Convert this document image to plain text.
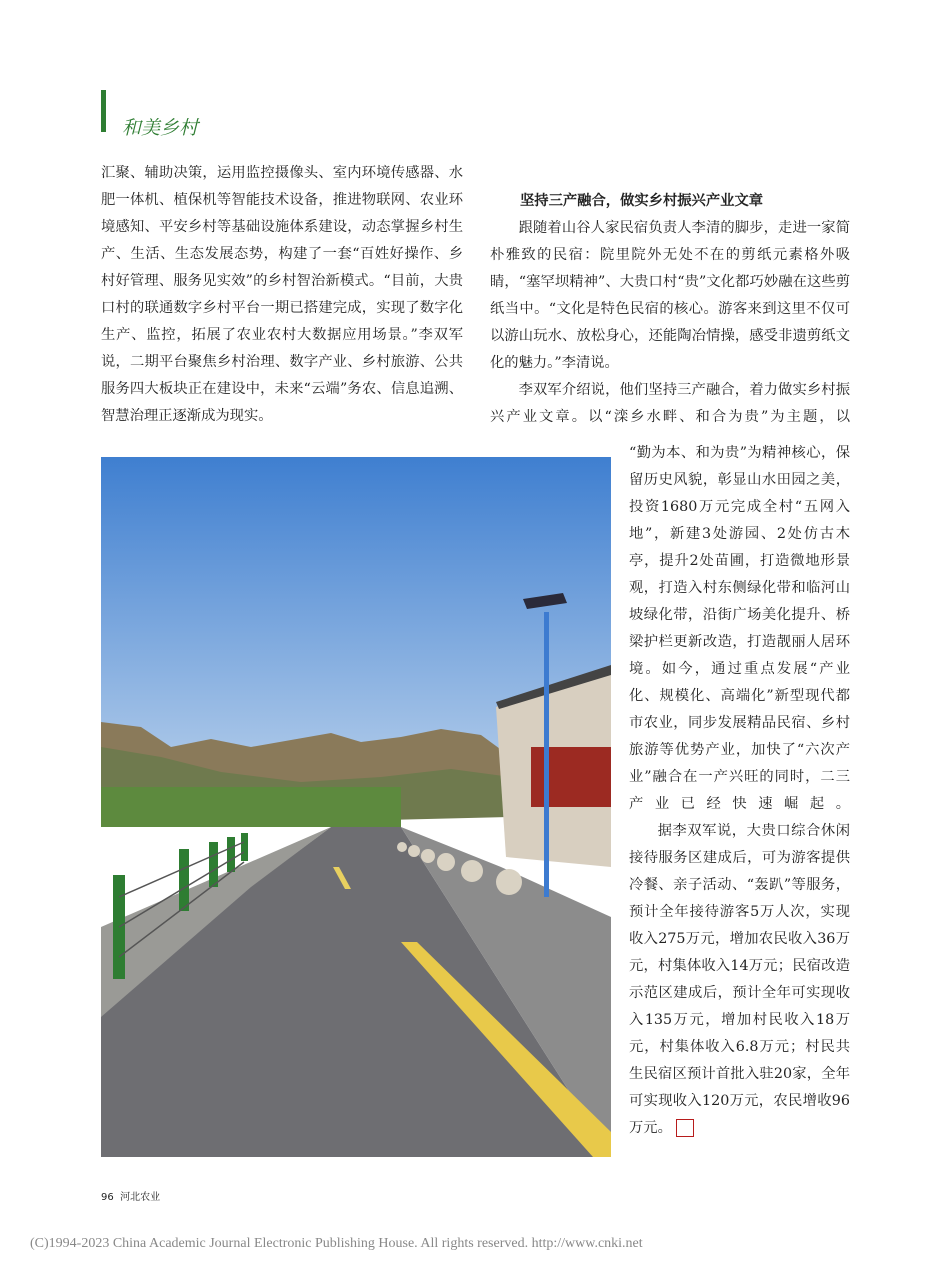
和美乡村

汇聚、辅助决策，运用监控摄像头、室内环境传感器、水肥一体机、植保机等智能技术设备，推进物联网、农业环境感知、平安乡村等基础设施体系建设，动态掌握乡村生产、生活、生态发展态势，构建了一套“百姓好操作、乡村好管理、服务见实效”的乡村智治新模式。“目前，大贵口村的联通数字乡村平台一期已搭建完成，实现了数字化生产、监控，拓展了农业农村大数据应用场景。”李双军说，二期平台聚焦乡村治理、数字产业、乡村旅游、公共服务四大板块正在建设中，未来“云端”务农、信息追溯、智慧治理正逐渐成为现实。

坚持三产融合，做实乡村振兴产业文章
跟随着山谷人家民宿负责人李清的脚步，走进一家简朴雅致的民宿：院里院外无处不在的剪纸元素格外吸睛，“塞罕坝精神”、大贵口村“贵”文化都巧妙融在这些剪纸当中。“文化是特色民宿的核心。游客来到这里不仅可以游山玩水、放松身心，还能陶冶情操，感受非遗剪纸文化的魅力。”李清说。
李双军介绍说，他们坚持三产融合，着力做实乡村振兴产业文章。以“滦乡水畔、和合为贵”为主题，以
“勤为本、和为贵”为精神核心，保留历史风貌，彰显山水田园之美，投资1680万元完成全村“五网入地”，新建3处游园、2处仿古木亭，提升2处苗圃，打造微地形景观，打造入村东侧绿化带和临河山坡绿化带，沿街广场美化提升、桥梁护栏更新改造，打造靓丽人居环境。如今，通过重点发展“产业化、规模化、高端化”新型现代都市农业，同步发展精品民宿、乡村旅游等优势产业，加快了“六次产业”融合在一产兴旺的同时，二三产业已经快速崛起。
据李双军说，大贵口综合休闲接待服务区建成后，可为游客提供冷餐、亲子活动、“轰趴”等服务，预计全年接待游客5万人次，实现收入275万元，增加农民收入36万元，村集体收入14万元；民宿改造示范区建成后，预计全年可实现收入135万元，增加村民收入18万元，村集体收入6.8万元；村民共生民宿区预计首批入驻20家，全年可实现收入120万元，农民增收96万元。
96 河北农业
(C)1994-2023 China Academic Journal Electronic Publishing House. All rights reserved. http://www.cnki.net
